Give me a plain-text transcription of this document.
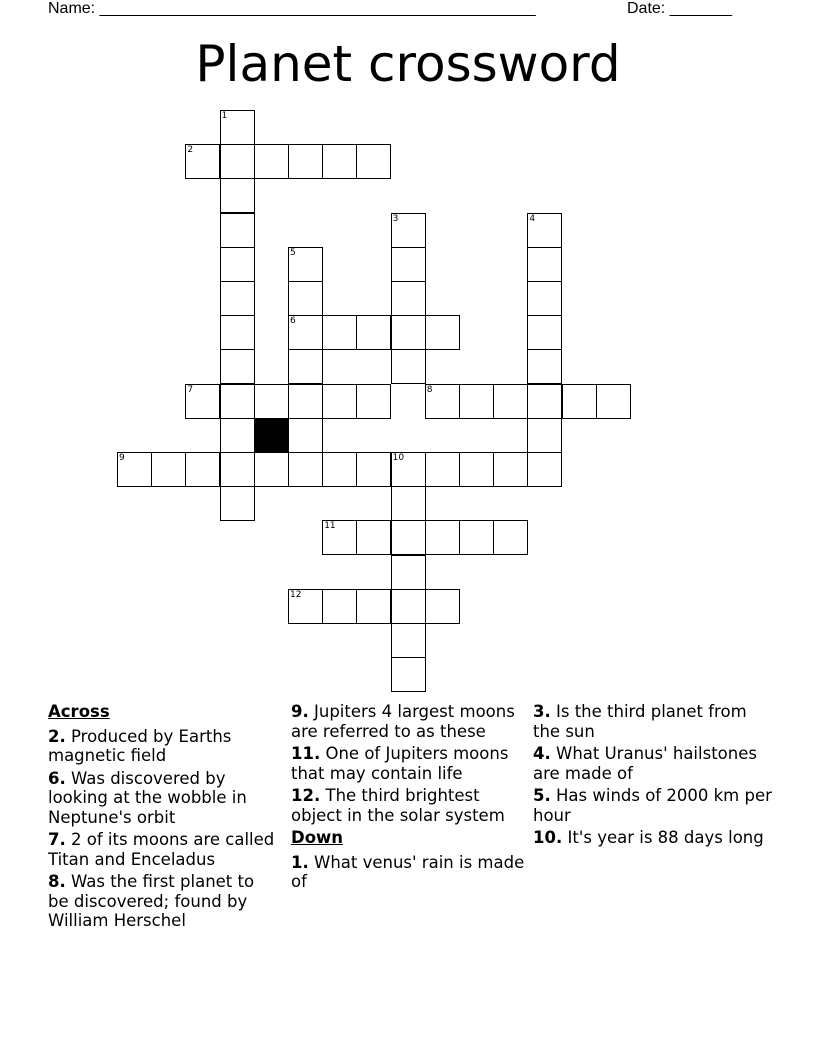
Name: _________________________________________________	Date: _______
Planet crossword
1
2
3	4
5
6
7	8
9	10
11
12
Across
2. Produced by Earths magnetic field
6. Was discovered by looking at the wobble in Neptune's orbit
7. 2 of its moons are called Titan and Enceladus
8. Was the first planet to be discovered; found by William Herschel
9. Jupiters 4 largest moons are referred to as these
11. One of Jupiters moons that may contain life
12. The third brightest object in the solar system
Down
1. What venus' rain is made of
3. Is the third planet from the sun
4. What Uranus' hailstones are made of
5. Has winds of 2000 km per hour
10. It's year is 88 days long
